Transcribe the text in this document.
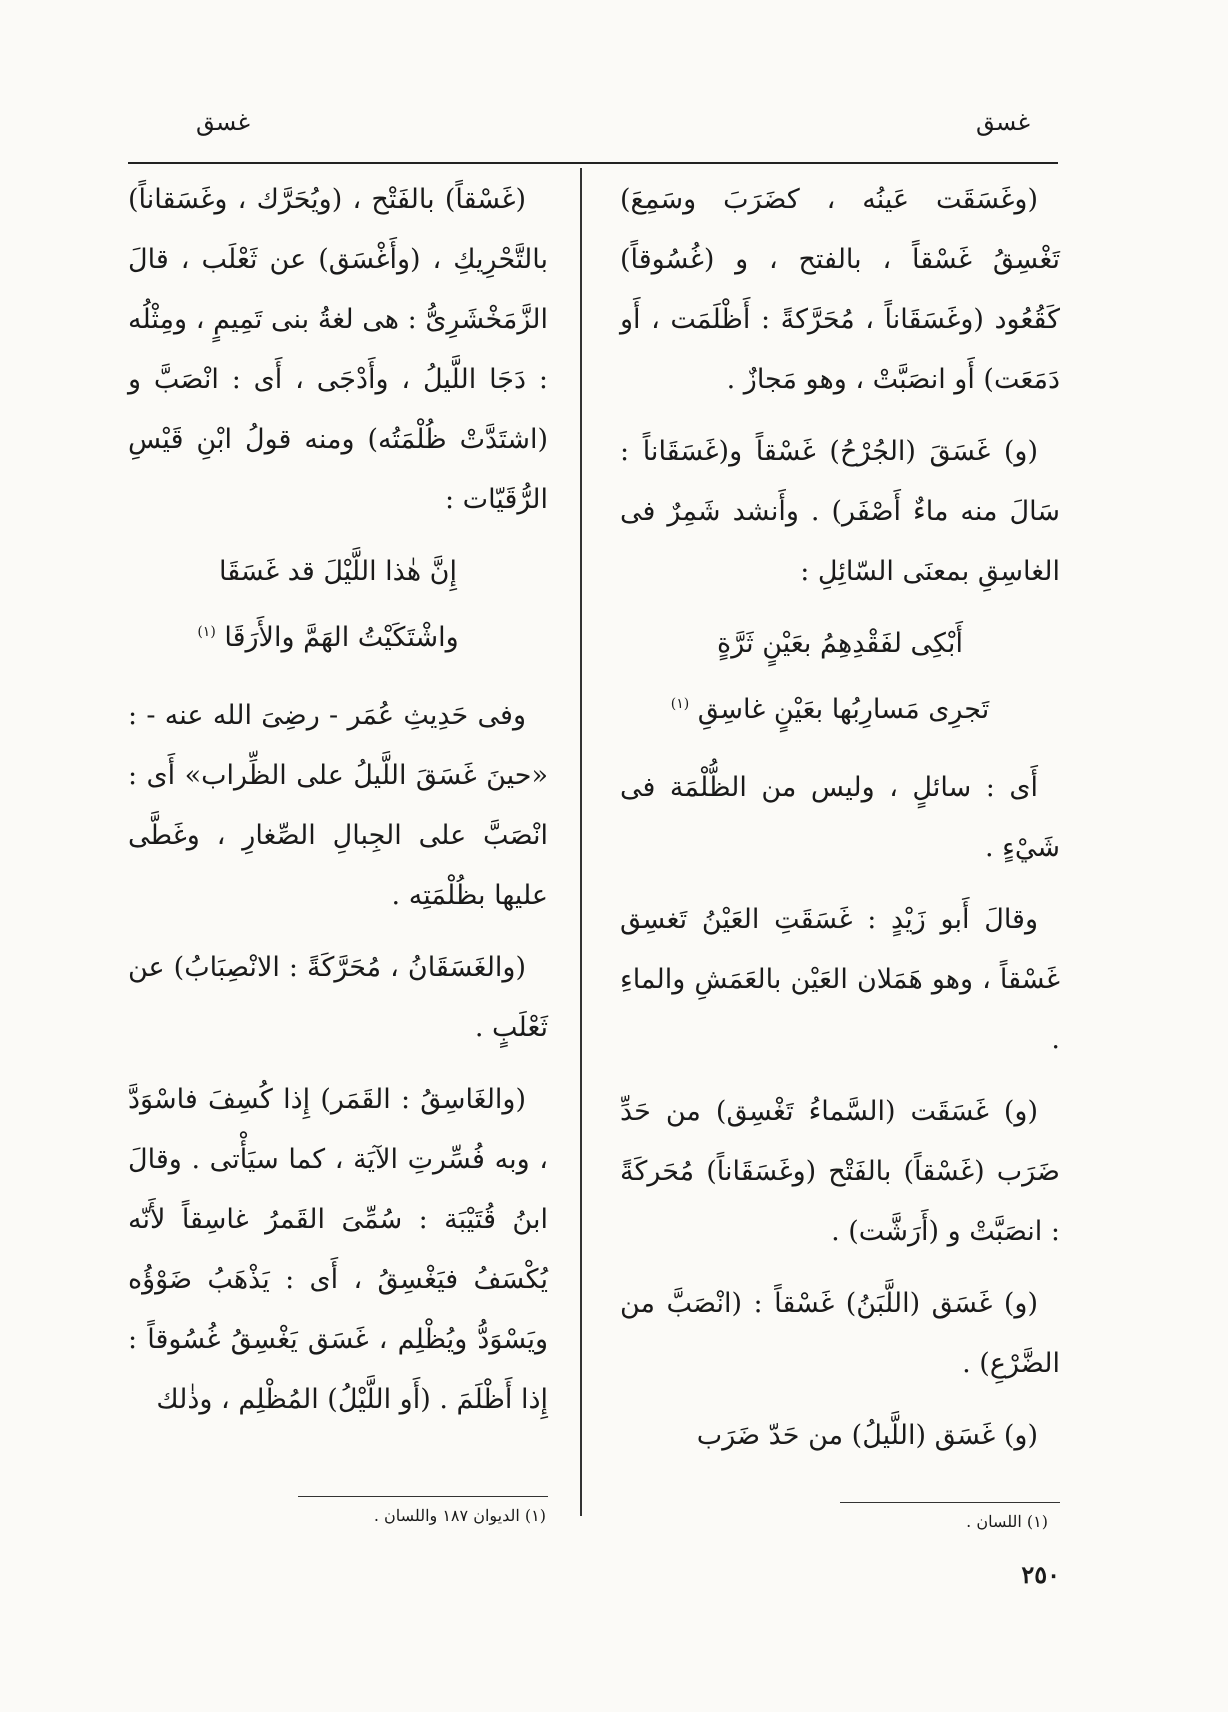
غسق
غسق

(وغَسَقَت عَينُه ، كضَرَبَ وسَمِعَ) تَغْسِقُ غَسْقاً ، بالفتح ، و (غُسُوقاً) كَقُعُود (وغَسَقَاناً ، مُحَرَّكةً : أَظْلَمَت ، أَو دَمَعَت) أَو انصَبَّتْ ، وهو مَجازٌ .

(و) غَسَقَ (الجُرْحُ) غَسْقاً و(غَسَقَاناً : سَالَ منه ماءٌ أَصْفَر) . وأَنشد شَمِرٌ فى الغاسِقِ بمعنَى السّائِلِ :

أَبْكِى لفَقْدِهِمُ بعَيْنٍ ثَرَّةٍ
تَجرِى مَسارِبُها بعَيْنٍ غاسِقِ $^{(١)}$

أَى : سائلٍ ، وليس من الظُّلْمَة فى شَيْءٍ .

وقالَ أَبو زَيْدٍ : غَسَقَتِ العَيْنُ تَغسِق غَسْقاً ، وهو هَمَلان العَيْن بالعَمَشِ والماءِ .

(و) غَسَقَت (السَّماءُ تَغْسِق) من حَدِّ ضَرَب (غَسْقاً) بالفَتْح (وغَسَقَاناً) مُحَركَةً : انصَبَّتْ و (أَرَشَّت) .

(و) غَسَق (اللَّبَنُ) غَسْقاً : (انْصَبَّ من الضَّرْعِ) .

(و) غَسَق (اللَّيلُ) من حَدّ ضَرَب

(غَسْقاً) بالفَتْح ، (ويُحَرَّك ، وغَسَقاناً) بالتَّحْرِيكِ ، (وأَغْسَق) عن ثَعْلَب ، قالَ الزَّمَخْشَرِىُّ : هى لغةُ بنى تَمِيمٍ ، ومِثْلُه : دَجَا اللَّيلُ ، وأَدْجَى ، أَى : انْصَبَّ و (اشتَدَّتْ ظُلْمَتُه) ومنه قولُ ابْنِ قَيْسِ الرُّقَيّات :

إِنَّ هٰذا اللَّيْلَ قد غَسَقَا
واشْتَكَيْتُ الهَمَّ والأَرَقَا $^{(١)}$

وفى حَدِيثِ عُمَر - رضِىَ الله عنه - : «حينَ غَسَقَ اللَّيلُ على الظِّراب» أَى : انْصَبَّ على الجِبالِ الصِّغارِ ، وغَطَّى عليها بظُلْمَتِه .

(والغَسَقَانُ ، مُحَرَّكَةً : الانْصِبَابُ) عن ثَعْلَبٍ .

(والغَاسِقُ : القَمَر) إِذا كُسِفَ فاسْوَدَّ ، وبه فُسِّرتِ الآيَة ، كما سيَأْتى . وقالَ ابنُ قُتَيْبَة : سُمِّىَ القَمرُ غاسِقاً لأَنّه يُكْسَفُ فيَغْسِقُ ، أَى : يَذْهَبُ ضَوْؤُه ويَسْوَدُّ ويُظْلِم ، غَسَق يَغْسِقُ غُسُوقاً : إِذا أَظْلَمَ . (أَو اللَّيْلُ) المُظْلِم ، وذٰلك

(١) اللسان .
(١) الديوان ١٨٧ واللسان .
٢٥٠
